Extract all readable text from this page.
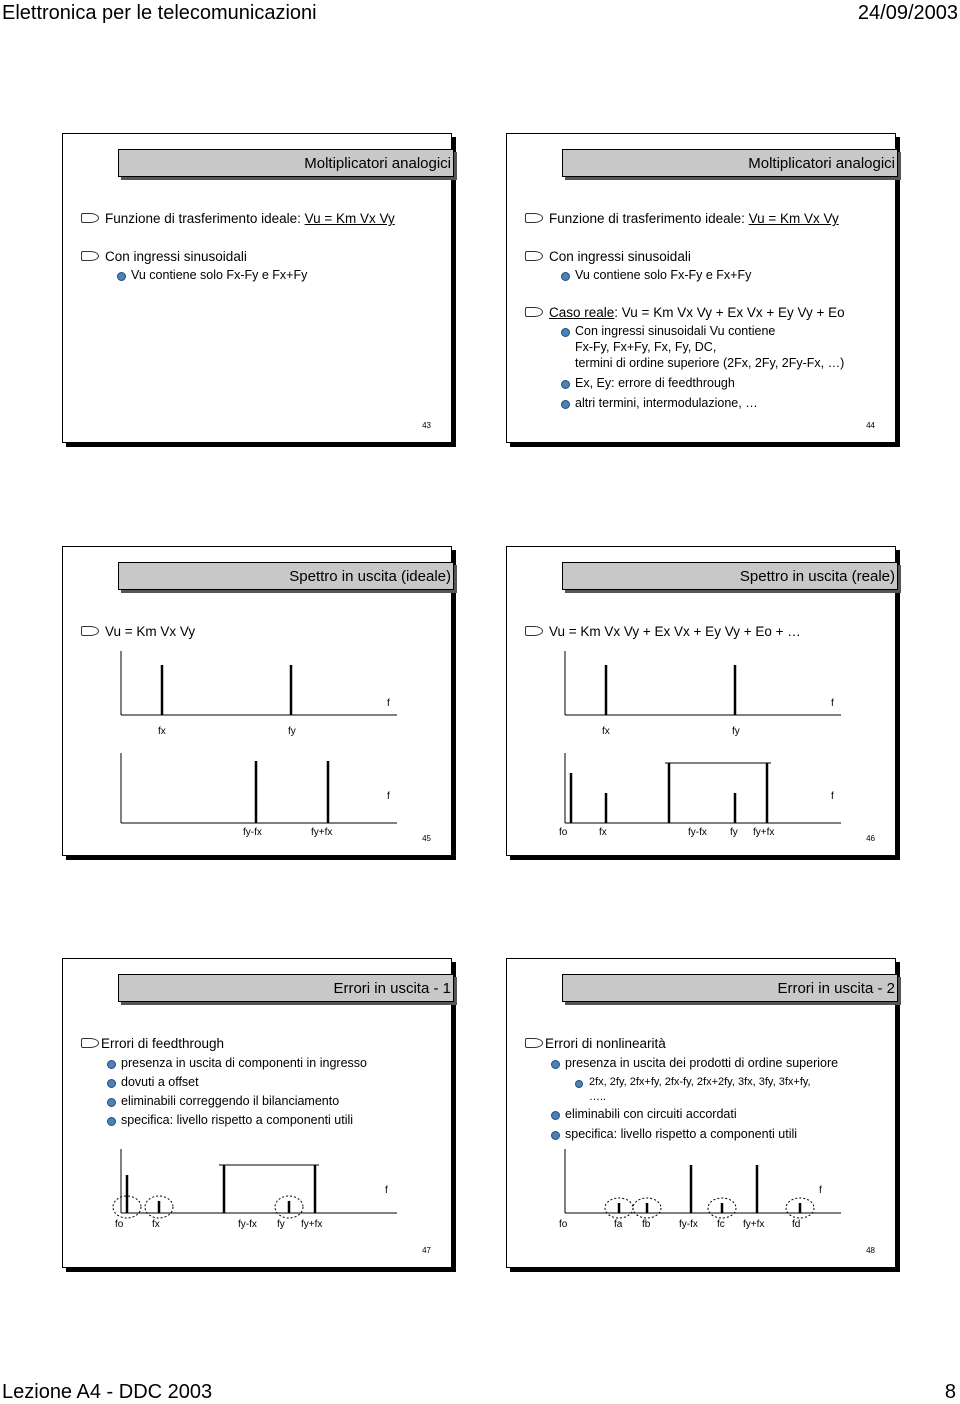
Elettronica per le telecomunicazioni	24/09/2003
Moltiplicatori analogici
Funzione di trasferimento ideale: Vu = Km Vx Vy
Con ingressi sinusoidali
Vu contiene solo Fx-Fy e Fx+Fy
43
Moltiplicatori analogici
Funzione di trasferimento ideale: Vu = Km Vx Vy
Con ingressi sinusoidali
Vu contiene solo Fx-Fy e Fx+Fy
Caso reale: Vu = Km Vx Vy + Ex Vx + Ey Vy + Eo
Con ingressi sinusoidali Vu contiene
Fx-Fy, Fx+Fy, Fx, Fy, DC,
termini di ordine superiore (2Fx, 2Fy, 2Fy-Fx, …)
Ex, Ey: errore di feedthrough
altri termini, intermodulazione, …
44
Spettro in uscita (ideale)
Vu = Km Vx Vy
f
fx	fy
f
fy-fx	fy+fx
45
Spettro in uscita (reale)
Vu = Km Vx Vy + Ex Vx + Ey Vy + Eo + …
f
fx	fy
f
fo	fx	fy-fx fy fy+fx
46
Errori in uscita - 1
Errori di feedthrough
presenza in uscita di componenti in ingresso
dovuti a offset
eliminabili correggendo il bilanciamento
specifica: livello rispetto a componenti utili
f
fo	fx	fy-fx fy fy+fx
47
Errori in uscita - 2
Errori di nonlinearità
presenza in uscita dei prodotti di ordine superiore
2fx, 2fy, 2fx+fy, 2fx-fy, 2fx+2fy, 3fx, 3fy, 3fx+fy,
…..
eliminabili con circuiti accordati
specifica: livello rispetto a componenti utili
f
fo	fa fb	fy-fx fc fy+fx	fd
48
Lezione A4 - DDC 2003	8
